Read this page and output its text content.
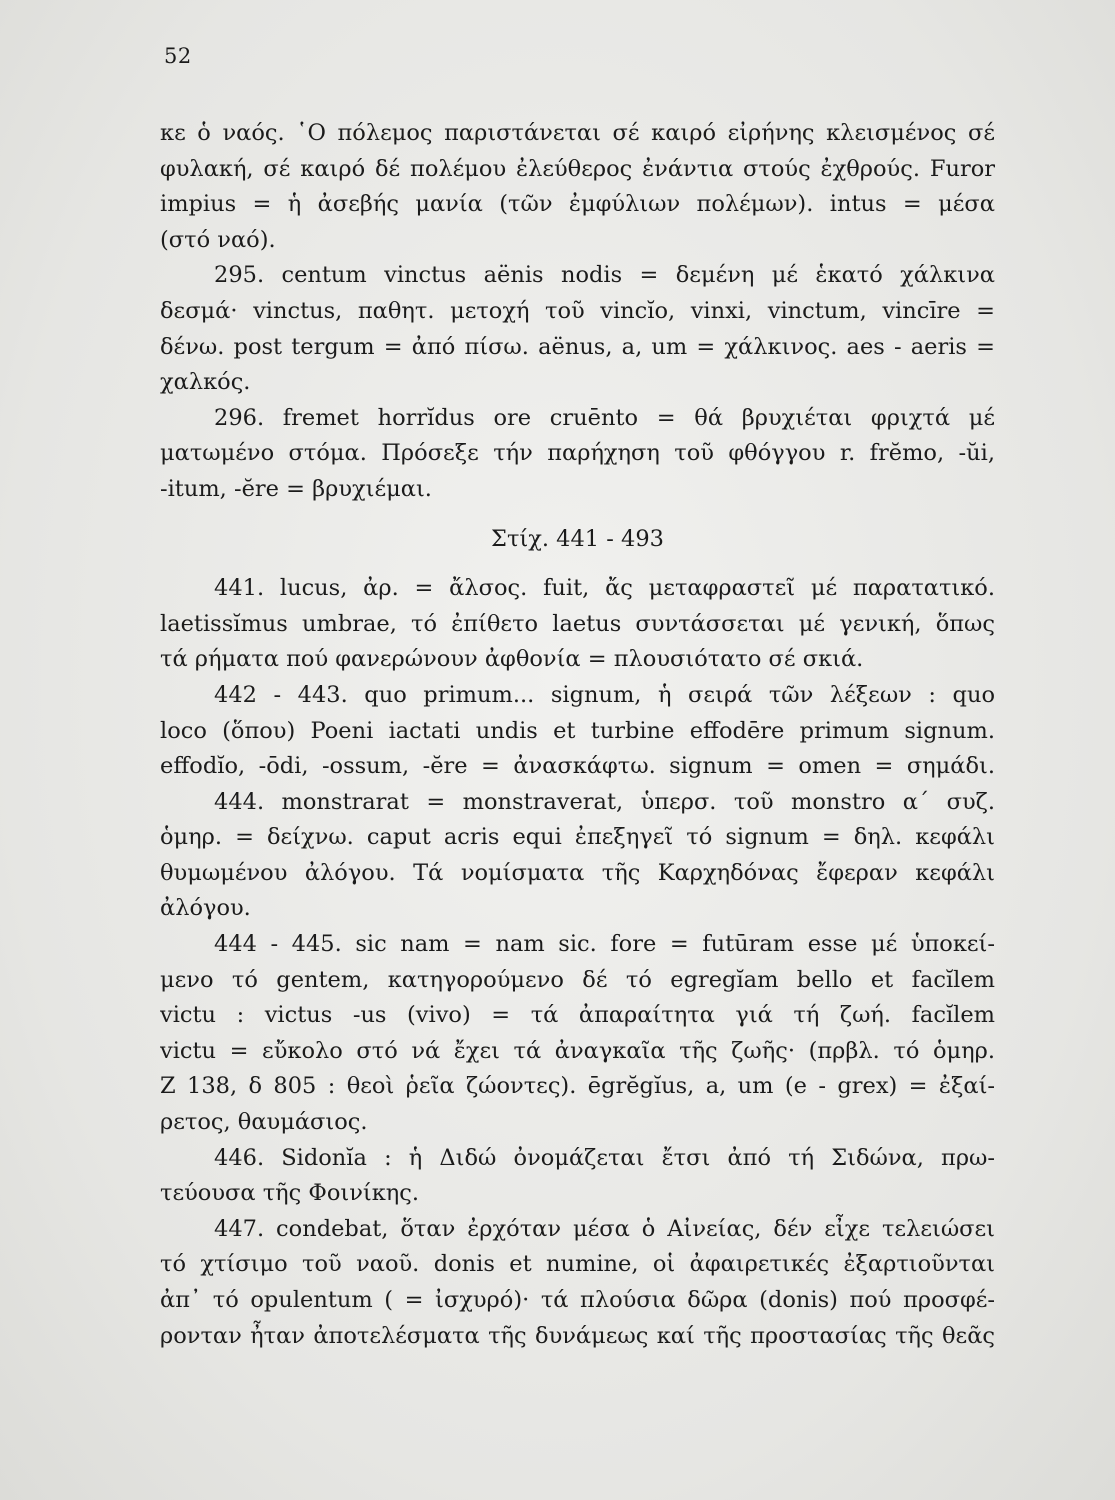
52
κε ὁ ναός. ῾Ο πόλεμος παριστάνεται σέ καιρό εἰρήνης κλεισμένος σέ
φυλακή, σέ καιρό δέ πολέμου ἐλεύθερος ἐνάντια στούς ἐχθρούς. Furor
impius = ἡ ἀσεβής μανία (τῶν ἐμφύλιων πολέμων). intus = μέσα
(στό ναό).
295. centum vinctus aënis nodis = δεμένη μέ ἑκατό χάλκινα
δεσμά· vinctus, παθητ. μετοχή τοῦ vincĭo, vinxi, vinctum, vincīre =
δένω. post tergum = ἀπό πίσω. aënus, a, um = χάλκινος. aes - aeris =
χαλκός.
296. fremet horrĭdus ore cruēnto = θά βρυχιέται φριχτά μέ
ματωμένο στόμα. Πρόσεξε τήν παρήχηση τοῦ φθόγγου r. frĕmo, -ŭi,
-itum, -ĕre = βρυχιέμαι.
Στίχ. 441 - 493
441. lucus, ἀρ. = ἄλσος. fuit, ἄς μεταφραστεῖ μέ παρατατικό.
laetissĭmus umbrae, τό ἐπίθετο laetus συντάσσεται μέ γενική, ὅπως
τά ρήματα πού φανερώνουν ἀφθονία = πλουσιότατο σέ σκιά.
442 - 443. quo primum... signum, ἡ σειρά τῶν λέξεων : quo
loco (ὅπου) Poeni iactati undis et turbine effodēre primum signum.
effodĭo, -ōdi, -ossum, -ĕre = ἀνασκάφτω. signum = omen = σημάδι.
444. monstrarat = monstraverat, ὑπερσ. τοῦ monstro α΄ συζ.
ὁμηρ. = δείχνω. caput acris equi ἐπεξηγεῖ τό signum = δηλ. κεφάλι
θυμωμένου ἀλόγου. Τά νομίσματα τῆς Καρχηδόνας ἔφεραν κεφάλι
ἀλόγου.
444 - 445. sic nam = nam sic. fore = futūram esse μέ ὑποκεί-
μενο τό gentem, κατηγορούμενο δέ τό egregĭam bello et facĭlem
victu : victus -us (vivo) = τά ἀπαραίτητα γιά τή ζωή. facĭlem
victu = εὔκολο στό νά ἔχει τά ἀναγκαῖα τῆς ζωῆς· (πρβλ. τό ὁμηρ.
Ζ 138, δ 805 : θεοὶ ῥεῖα ζώοντες). ēgrĕgĭus, a, um (e - grex) = ἐξαί-
ρετος, θαυμάσιος.
446. Sidonĭa : ἡ Διδώ ὀνομάζεται ἔτσι ἀπό τή Σιδώνα, πρω-
τεύουσα τῆς Φοινίκης.
447. condebat, ὅταν ἐρχόταν μέσα ὁ Αἰνείας, δέν εἶχε τελειώσει
τό χτίσιμο τοῦ ναοῦ. donis et numine, οἱ ἀφαιρετικές ἐξαρτιοῦνται
ἀπ᾿ τό opulentum ( = ἰσχυρό)· τά πλούσια δῶρα (donis) πού προσφέ-
ρονταν ἦταν ἀποτελέσματα τῆς δυνάμεως καί τῆς προστασίας τῆς θεᾶς
